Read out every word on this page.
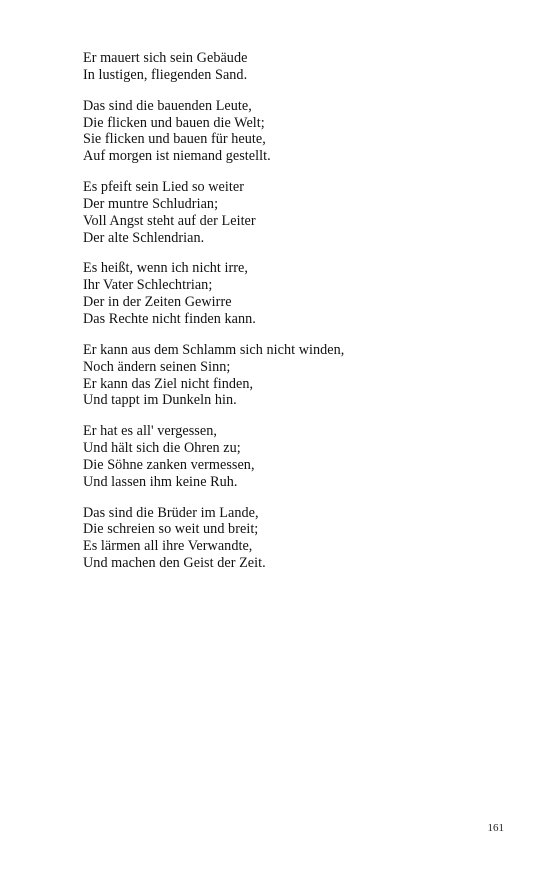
Er mauert sich sein Gebäude
In lustigen, fliegenden Sand.
Das sind die bauenden Leute,
Die flicken und bauen die Welt;
Sie flicken und bauen für heute,
Auf morgen ist niemand gestellt.
Es pfeift sein Lied so weiter
Der muntre Schludrian;
Voll Angst steht auf der Leiter
Der alte Schlendrian.
Es heißt, wenn ich nicht irre,
Ihr Vater Schlechtrian;
Der in der Zeiten Gewirre
Das Rechte nicht finden kann.
Er kann aus dem Schlamm sich nicht winden,
Noch ändern seinen Sinn;
Er kann das Ziel nicht finden,
Und tappt im Dunkeln hin.
Er hat es all' vergessen,
Und hält sich die Ohren zu;
Die Söhne zanken vermessen,
Und lassen ihm keine Ruh.
Das sind die Brüder im Lande,
Die schreien so weit und breit;
Es lärmen all ihre Verwandte,
Und machen den Geist der Zeit.
161
